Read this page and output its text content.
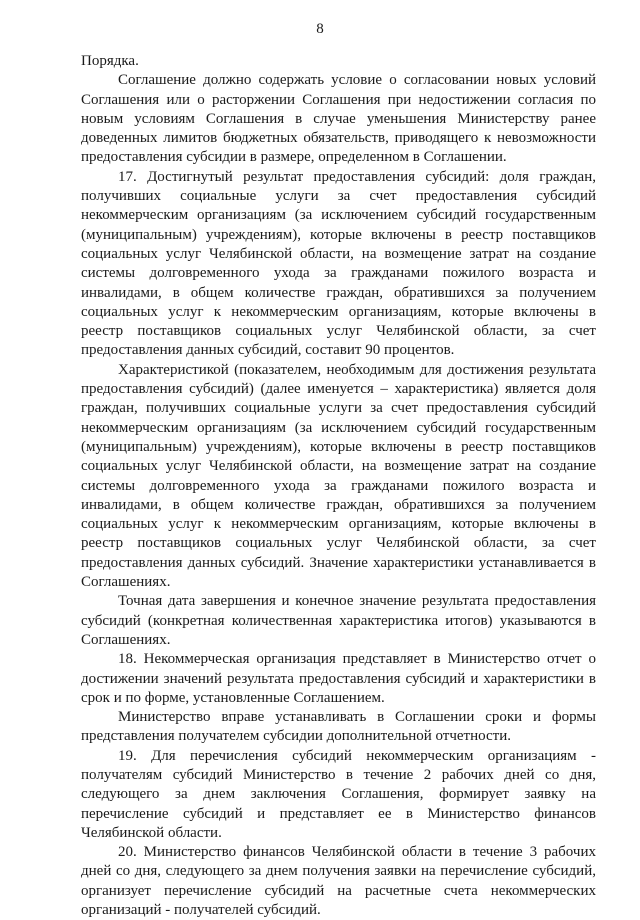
8

Порядка.

Соглашение должно содержать условие о согласовании новых условий Соглашения или о расторжении Соглашения при недостижении согласия по новым условиям Соглашения в случае уменьшения Министерству ранее доведенных лимитов бюджетных обязательств, приводящего к невозможности предоставления субсидии в размере, определенном в Соглашении.

17. Достигнутый результат предоставления субсидий: доля граждан, получивших социальные услуги за счет предоставления субсидий некоммерческим организациям (за исключением субсидий государственным (муниципальным) учреждениям), которые включены в реестр поставщиков социальных услуг Челябинской области, на возмещение затрат на создание системы долговременного ухода за гражданами пожилого возраста и инвалидами, в общем количестве граждан, обратившихся за получением социальных услуг к некоммерческим организациям, которые включены в реестр поставщиков социальных услуг Челябинской области, за счет предоставления данных субсидий, составит 90 процентов.

Характеристикой (показателем, необходимым для достижения результата предоставления субсидий) (далее именуется – характеристика) является доля граждан, получивших социальные услуги за счет предоставления субсидий некоммерческим организациям (за исключением субсидий государственным (муниципальным) учреждениям), которые включены в реестр поставщиков социальных услуг Челябинской области, на возмещение затрат на создание системы долговременного ухода за гражданами пожилого возраста и инвалидами, в общем количестве граждан, обратившихся за получением социальных услуг к некоммерческим организациям, которые включены в реестр поставщиков социальных услуг Челябинской области, за счет предоставления данных субсидий. Значение характеристики устанавливается в Соглашениях.

Точная дата завершения и конечное значение результата предоставления субсидий (конкретная количественная характеристика итогов) указываются в Соглашениях.

18. Некоммерческая организация представляет в Министерство отчет о достижении значений результата предоставления субсидий и характеристики в срок и по форме, установленные Соглашением.

Министерство вправе устанавливать в Соглашении сроки и формы представления получателем субсидии дополнительной отчетности.

19. Для перечисления субсидий некоммерческим организациям - получателям субсидий Министерство в течение 2 рабочих дней со дня, следующего за днем заключения Соглашения, формирует заявку на перечисление субсидий и представляет ее в Министерство финансов Челябинской области.

20. Министерство финансов Челябинской области в течение 3 рабочих дней со дня, следующего за днем получения заявки на перечисление субсидий, организует перечисление субсидий на расчетные счета некоммерческих организаций - получателей субсидий.
